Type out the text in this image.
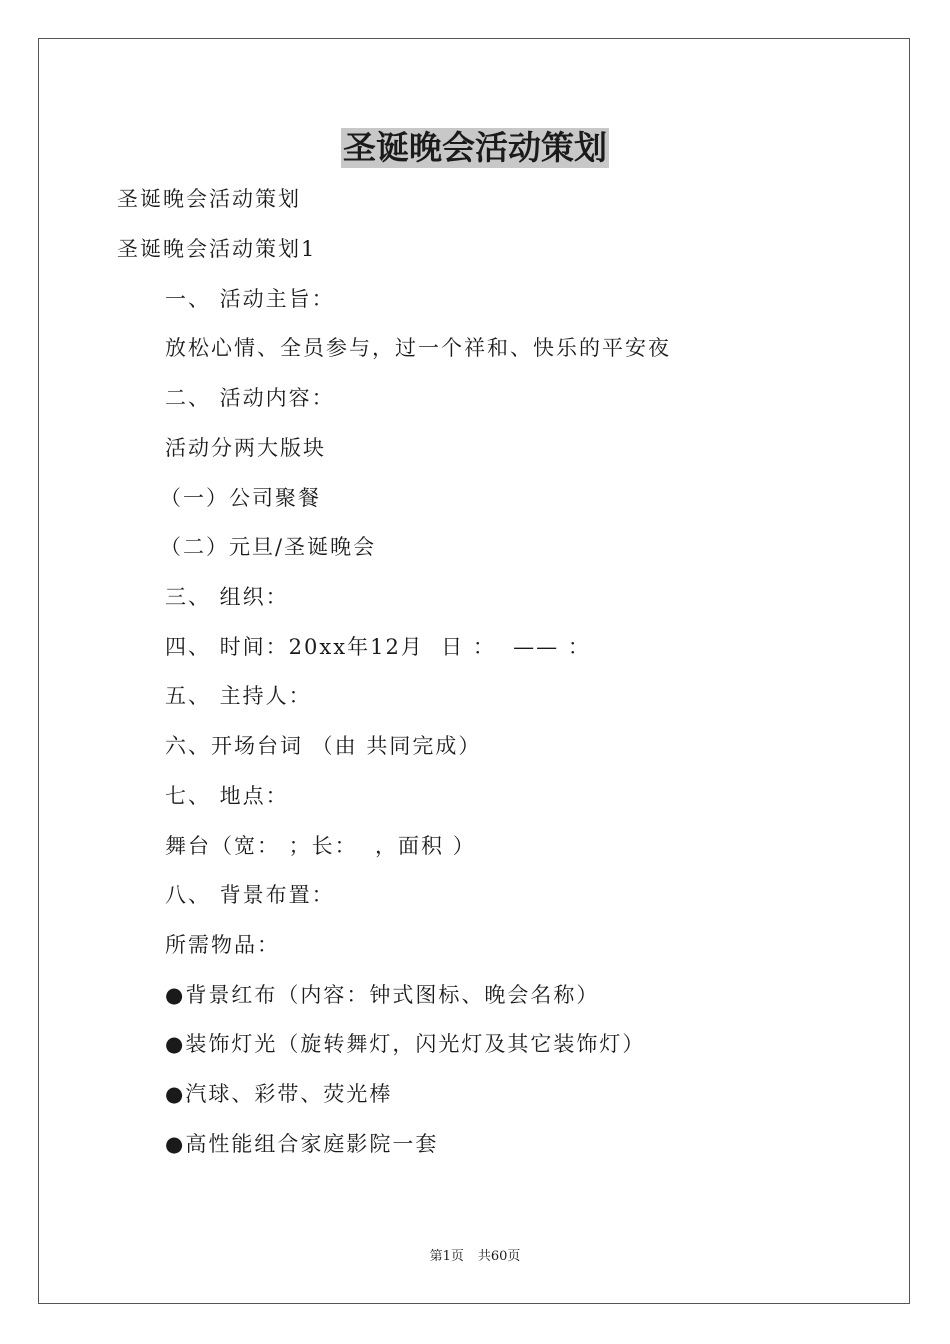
圣诞晚会活动策划
圣诞晚会活动策划
圣诞晚会活动策划1
一、 活动主旨：
放松心情、全员参与，过一个祥和、快乐的平安夜
二、 活动内容：
活动分两大版块
（一）公司聚餐
（二）元旦/圣诞晚会
三、 组织：
四、 时间：20xx年12月  日 ：  —— ：
五、 主持人：
六、开场台词 （由 共同完成）
七、 地点：
舞台（宽： ；长：  ，面积 ）
八、 背景布置：
所需物品：
●背景红布（内容：钟式图标、晚会名称）
●装饰灯光（旋转舞灯，闪光灯及其它装饰灯）
●汽球、彩带、荧光棒
●高性能组合家庭影院一套
第1页 共60页
